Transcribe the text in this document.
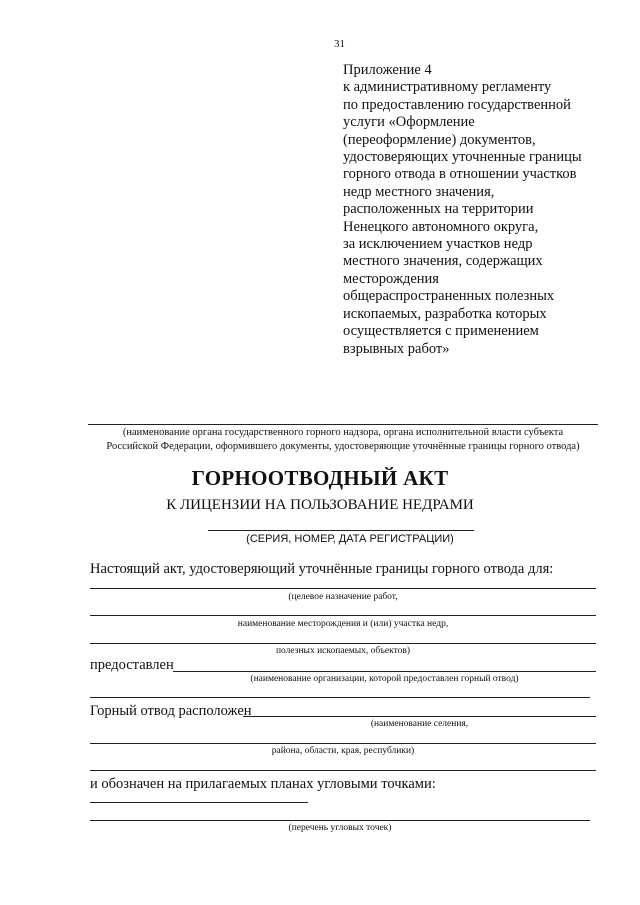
31
Приложение 4
к административному регламенту
по предоставлению государственной
услуги «Оформление
(переоформление) документов,
удостоверяющих уточненные границы
горного отвода в отношении участков
недр местного значения,
расположенных на территории
Ненецкого автономного округа,
за исключением участков недр
местного значения, содержащих
месторождения
общераспространенных полезных
ископаемых, разработка которых
осуществляется с применением
взрывных работ»
(наименование органа государственного горного надзора, органа исполнительной власти субъекта
Российской Федерации, оформившего документы, удостоверяющие уточнённые границы горного отвода)
ГОРНООТВОДНЫЙ АКТ
К ЛИЦЕНЗИИ НА ПОЛЬЗОВАНИЕ НЕДРАМИ
(СЕРИЯ, НОМЕР, ДАТА РЕГИСТРАЦИИ)
Настоящий акт, удостоверяющий уточнённые границы горного отвода для:
(целевое назначение работ,
наименование месторождения и (или) участка недр,
полезных ископаемых, объектов)
предоставлен
(наименование организации, которой предоставлен горный отвод)
Горный отвод расположен
(наименование селения,
района, области, края, республики)
и обозначен на прилагаемых планах угловыми точками:
(перечень угловых точек)
